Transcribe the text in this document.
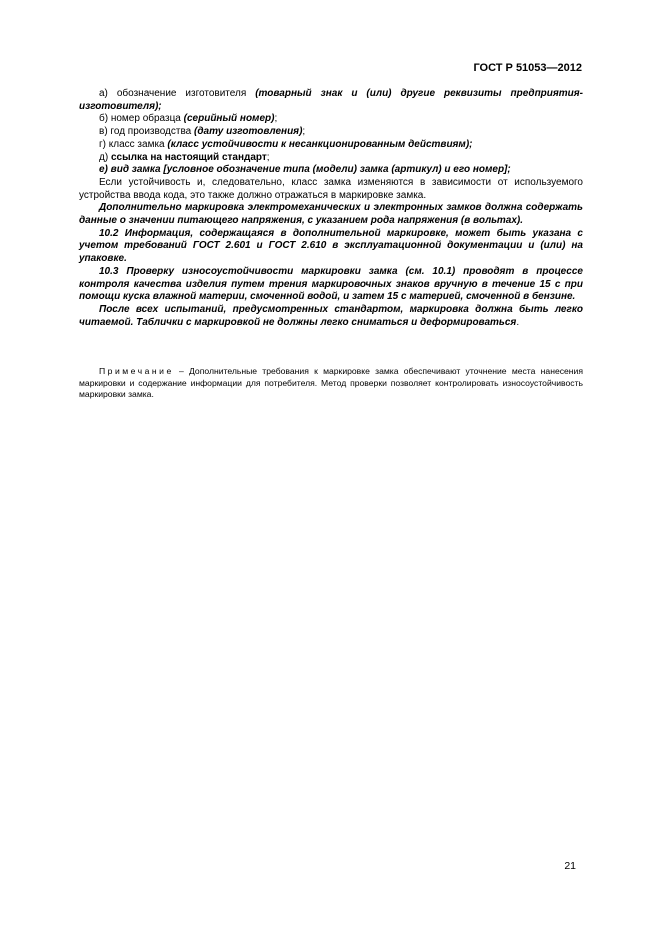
ГОСТ Р 51053—2012

а) обозначение изготовителя (товарный знак и (или) другие реквизиты предприятия-изготовителя);

б) номер образца (серийный номер);

в) год производства (дату изготовления);

г) класс замка (класс устойчивости к несанкционированным действиям);

д) ссылка на настоящий стандарт;

е) вид замка [условное обозначение типа (модели) замка (артикул) и его номер];

Если устойчивость и, следовательно, класс замка изменяются в зависимости от используемого устройства ввода кода, это также должно отражаться в маркировке замка.

Дополнительно маркировка электромеханических и электронных замков должна содержать данные о значении питающего напряжения, с указанием рода напряжения (в вольтах).

10.2 Информация, содержащаяся в дополнительной маркировке, может быть указана с учетом требований ГОСТ 2.601 и ГОСТ 2.610 в эксплуатационной документации и (или) на упаковке.

10.3 Проверку износоустойчивости маркировки замка (см. 10.1) проводят в процессе контроля качества изделия путем трения маркировочных знаков вручную в течение 15 с при помощи куска влажной материи, смоченной водой, и затем 15 с материей, смоченной в бензине.

После всех испытаний, предусмотренных стандартом, маркировка должна быть легко читаемой. Таблички с маркировкой не должны легко сниматься и деформироваться.

Примечание – Дополнительные требования к маркировке замка обеспечивают уточнение места нанесения маркировки и содержание информации для потребителя. Метод проверки позволяет контролировать износоустойчивость маркировки замка.

21
